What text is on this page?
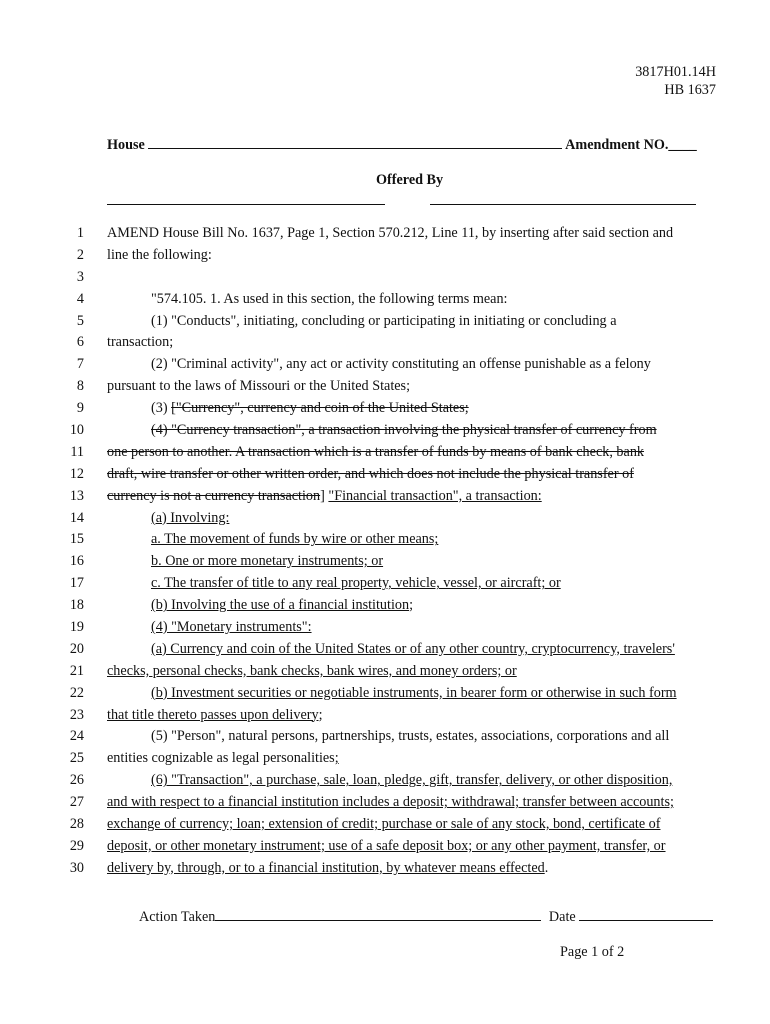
3817H01.14H
HB 1637
House	Amendment NO.____
Offered By
1 AMEND House Bill No. 1637, Page 1, Section 570.212, Line 11, by inserting after said section and
2 line the following:
3
4	"574.105. 1. As used in this section, the following terms mean:
5	(1) "Conducts", initiating, concluding or participating in initiating or concluding a
6 transaction;
7	(2) "Criminal activity", any act or activity constituting an offense punishable as a felony
8 pursuant to the laws of Missouri or the United States;
9	(3) ["Currency", currency and coin of the United States;
10	(4) "Currency transaction", a transaction involving the physical transfer of currency from
11 one person to another. A transaction which is a transfer of funds by means of bank check, bank
12 draft, wire transfer or other written order, and which does not include the physical transfer of
13 currency is not a currency transaction] "Financial transaction", a transaction:
14	(a) Involving:
15	a. The movement of funds by wire or other means;
16	b. One or more monetary instruments; or
17	c. The transfer of title to any real property, vehicle, vessel, or aircraft; or
18	(b) Involving the use of a financial institution;
19	(4) "Monetary instruments":
20	(a) Currency and coin of the United States or of any other country, cryptocurrency, travelers'
21 checks, personal checks, bank checks, bank wires, and money orders; or
22	(b) Investment securities or negotiable instruments, in bearer form or otherwise in such form
23 that title thereto passes upon delivery;
24	(5) "Person", natural persons, partnerships, trusts, estates, associations, corporations and all
25 entities cognizable as legal personalities;
26	(6) "Transaction", a purchase, sale, loan, pledge, gift, transfer, delivery, or other disposition,
27 and with respect to a financial institution includes a deposit; withdrawal; transfer between accounts;
28 exchange of currency; loan; extension of credit; purchase or sale of any stock, bond, certificate of
29 deposit, or other monetary instrument; use of a safe deposit box; or any other payment, transfer, or
30 delivery by, through, or to a financial institution, by whatever means effected.
Action Taken	Date
Page 1 of 2
